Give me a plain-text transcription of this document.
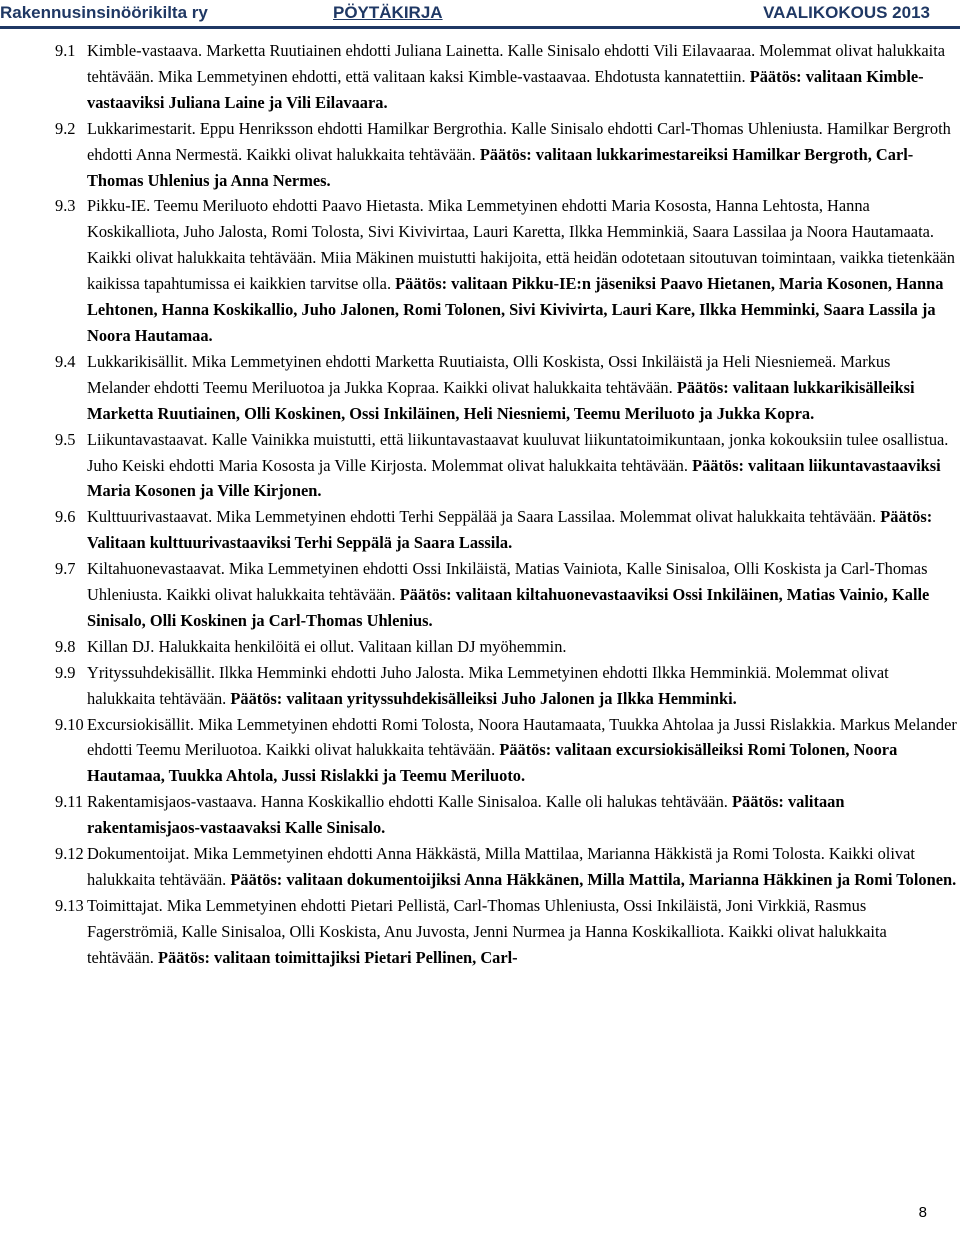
Rakennusinsinöörikilta ry	PÖYTÄKIRJA	VAALIKOKOUS 2013
9.1 Kimble-vastaava. Marketta Ruutiainen ehdotti Juliana Lainetta. Kalle Sinisalo ehdotti Vili Eilavaaraa. Molemmat olivat halukkaita tehtävään. Mika Lemmetyinen ehdotti, että valitaan kaksi Kimble-vastaavaa. Ehdotusta kannatettiin. Päätös: valitaan Kimble-vastaaviksi Juliana Laine ja Vili Eilavaara.

9.2 Lukkarimestarit. Eppu Henriksson ehdotti Hamilkar Bergrothia. Kalle Sinisalo ehdotti Carl-Thomas Uhleniusta. Hamilkar Bergroth ehdotti Anna Nermestä. Kaikki olivat halukkaita tehtävään. Päätös: valitaan lukkarimestareiksi Hamilkar Bergroth, Carl-Thomas Uhlenius ja Anna Nermes.

9.3 Pikku-IE. Teemu Meriluoto ehdotti Paavo Hietasta. Mika Lemmetyinen ehdotti Maria Kososta, Hanna Lehtosta, Hanna Koskikalliota, Juho Jalosta, Romi Tolosta, Sivi Kivivirtaa, Lauri Karetta, Ilkka Hemminkiä, Saara Lassilaa ja Noora Hautamaata. Kaikki olivat halukkaita tehtävään. Miia Mäkinen muistutti hakijoita, että heidän odotetaan sitoutuvan toimintaan, vaikka tietenkään kaikissa tapahtumissa ei kaikkien tarvitse olla. Päätös: valitaan Pikku-IE:n jäseniksi Paavo Hietanen, Maria Kosonen, Hanna Lehtonen, Hanna Koskikallio, Juho Jalonen, Romi Tolonen, Sivi Kivivirta, Lauri Kare, Ilkka Hemminki, Saara Lassila ja Noora Hautamaa.

9.4 Lukkarikisällit. Mika Lemmetyinen ehdotti Marketta Ruutiaista, Olli Koskista, Ossi Inkiläistä ja Heli Niesniemeä. Markus Melander ehdotti Teemu Meriluotoa ja Jukka Kopraa. Kaikki olivat halukkaita tehtävään. Päätös: valitaan lukkarikisälleiksi Marketta Ruutiainen, Olli Koskinen, Ossi Inkiläinen, Heli Niesniemi, Teemu Meriluoto ja Jukka Kopra.

9.5 Liikuntavastaavat. Kalle Vainikka muistutti, että liikuntavastaavat kuuluvat liikuntatoimikuntaan, jonka kokouksiin tulee osallistua. Juho Keiski ehdotti Maria Kososta ja Ville Kirjosta. Molemmat olivat halukkaita tehtävään. Päätös: valitaan liikuntavastaaviksi Maria Kosonen ja Ville Kirjonen.

9.6 Kulttuurivastaavat. Mika Lemmetyinen ehdotti Terhi Seppälää ja Saara Lassilaa. Molemmat olivat halukkaita tehtävään. Päätös: Valitaan kulttuurivastaaviksi Terhi Seppälä ja Saara Lassila.

9.7 Kiltahuonevastaavat. Mika Lemmetyinen ehdotti Ossi Inkiläistä, Matias Vainiota, Kalle Sinisaloa, Olli Koskista ja Carl-Thomas Uhleniusta. Kaikki olivat halukkaita tehtävään. Päätös: valitaan kiltahuonevastaaviksi Ossi Inkiläinen, Matias Vainio, Kalle Sinisalo, Olli Koskinen ja Carl-Thomas Uhlenius.

9.8 Killan DJ. Halukkaita henkilöitä ei ollut. Valitaan killan DJ myöhemmin.

9.9 Yrityssuhdekisällit. Ilkka Hemminki ehdotti Juho Jalosta. Mika Lemmetyinen ehdotti Ilkka Hemminkiä. Molemmat olivat halukkaita tehtävään. Päätös: valitaan yrityssuhdekisälleiksi Juho Jalonen ja Ilkka Hemminki.

9.10 Excursiokisällit. Mika Lemmetyinen ehdotti Romi Tolosta, Noora Hautamaata, Tuukka Ahtolaa ja Jussi Rislakkia. Markus Melander ehdotti Teemu Meriluotoa. Kaikki olivat halukkaita tehtävään. Päätös: valitaan excursiokisälleiksi Romi Tolonen, Noora Hautamaa, Tuukka Ahtola, Jussi Rislakki ja Teemu Meriluoto.

9.11 Rakentamisjaos-vastaava. Hanna Koskikallio ehdotti Kalle Sinisaloa. Kalle oli halukas tehtävään. Päätös: valitaan rakentamisjaos-vastaavaksi Kalle Sinisalo.

9.12 Dokumentoijat. Mika Lemmetyinen ehdotti Anna Häkkästä, Milla Mattilaa, Marianna Häkkistä ja Romi Tolosta. Kaikki olivat halukkaita tehtävään. Päätös: valitaan dokumentoijiksi Anna Häkkänen, Milla Mattila, Marianna Häkkinen ja Romi Tolonen.

9.13 Toimittajat. Mika Lemmetyinen ehdotti Pietari Pellistä, Carl-Thomas Uhleniusta, Ossi Inkiläistä, Joni Virkkiä, Rasmus Fagerströmiä, Kalle Sinisaloa, Olli Koskista, Anu Juvosta, Jenni Nurmea ja Hanna Koskikalliota. Kaikki olivat halukkaita tehtävään. Päätös: valitaan toimittajiksi Pietari Pellinen, Carl-

8
